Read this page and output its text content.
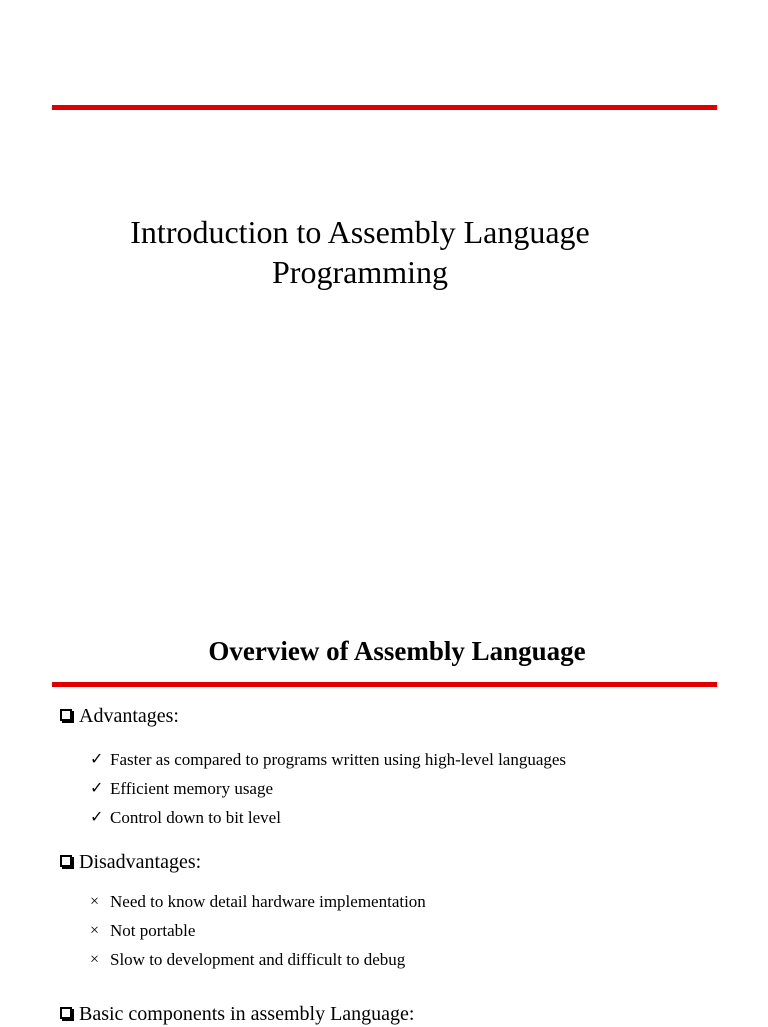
Introduction to Assembly Language
Programming
Overview of Assembly Language
Advantages:
✓ Faster as compared to programs written using high-level languages
✓ Efficient memory usage
✓ Control down to bit level
Disadvantages:
× Need to know detail hardware implementation
× Not portable
× Slow to development and difficult to debug
Basic components in assembly Language:
